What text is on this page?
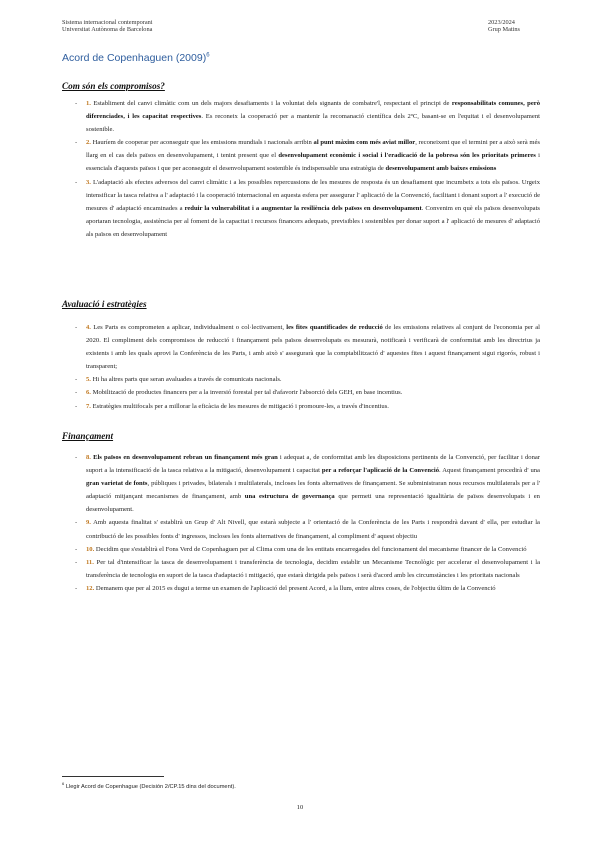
Sistema internacional contemporani
Universitat Autònoma de Barcelona
2023/2024
Grup Matins
Acord de Copenhaguen $(2009)^6$
Com són els compromisos?
- 1. Establiment del canvi climàtic com un dels majors desafiaments i la voluntat dels signants de combatre'l, respectant el principi de responsabilitats comunes, però diferenciades, i les capacitat respectives. Es reconeix la cooperació per a mantenir la recomanació científica dels 2ºC, basant-se en l'equitat i el desenvolupament sostenible.
- 2. Hauríem de cooperar per aconseguir que les emissions mundials i nacionals arribin al punt màxim com més aviat millor, reconeixent que el termini per a això serà més llarg en el cas dels països en desenvolupament, i tenint present que el desenvolupament econòmic i social i l'eradicació de la pobresa són les prioritats primeres i essencials d'aquests països i que per aconseguir el desenvolupament sostenible és indispensable una estratègia de desenvolupament amb baixes emissions
- 3. L'adaptació als efectes adversos del canvi climàtic i a les possibles repercussions de les mesures de resposta és un desafiament que incumbeix a tots els països. Urgeix intensificar la tasca relativa a l' adaptació i la cooperació internacional en aquesta esfera per assegurar l' aplicació de la Convenció, facilitant i donant suport a l' execució de mesures d' adaptació encaminades a reduir la vulnerabilitat i a augmentar la resiliència dels països en desenvolupament. Convenim en què els països desenvolupats aportaran tecnologia, assistència per al foment de la capacitat i recursos financers adequats, previsibles i sostenibles per donar suport a l' aplicació de mesures d' adaptació als països en desenvolupament
Avaluació i estratègies
- 4. Les Parts es comprometen a aplicar, individualment o col·lectivament, les fites quantificades de reducció de les emissions relatives al conjunt de l'economia per al 2020. El compliment dels compromisos de reducció i finançament pels països desenvolupats es mesurarà, notificarà i verificarà de conformitat amb les directrius ja existents i amb les quals aprovi la Conferència de les Parts, i amb això s' assegurarà que la comptabilització d' aquestes fites i aquest finançament sigui rigorós, robust i transparent;
- 5. Hi ha altres parts que seran avaluades a través de comunicats nacionals.
- 6. Mobilització de productes financers per a la inversió forestal per tal d'afavorir l'absorció dels GEH, en base incentius.
- 7. Estratègies multifocals per a millorar la eficàcia de les mesures de mitigació i promoure-les, a través d'incentius.
Finançament
- 8. Els països en desenvolupament rebran un finançament més gran i adequat a, de conformitat amb les disposicions pertinents de la Convenció, per facilitar i donar suport a la intensificació de la tasca relativa a la mitigació, desenvolupament i capacitat per a reforçar l'aplicació de la Convenció. Aquest finançament procedirà d' una gran varietat de fonts, públiques i privades, bilaterals i multilaterals, incloses les fonts alternatives de finançament. Se subministraran nous recursos multilaterals per a l' adaptació mitjançant mecanismes de finançament, amb una estructura de governança que permeti una representació igualitària de països desenvolupats i en desenvolupament.
- 9. Amb aquesta finalitat s' establirà un Grup d' Alt Nivell, que estarà subjecte a l' orientació de la Conferència de les Parts i respondrà davant d' ella, per estudiar la contribució de les possibles fonts d' ingressos, incloses les fonts alternatives de finançament, al compliment d' aquest objectiu
- 10. Decidim que s'establirà el Fons Verd de Copenhaguen per al Clima com una de les entitats encarregades del funcionament del mecanisme financer de la Convenció
- 11. Per tal d'intensificar la tasca de desenvolupament i transferència de tecnologia, decidim establir un Mecanisme Tecnològic per accelerar el desenvolupament i la transferència de tecnologia en suport de la tasca d'adaptació i mitigació, que estarà dirigida pels països i serà d'acord amb les circumstàncies i les prioritats nacionals
- 12. Demanem que per al 2015 es dugui a terme un examen de l'aplicació del present Acord, a la llum, entre altres coses, de l'objectiu últim de la Convenció
$^6$ Llegir Acord de Copenhague (Decisión 2/CP.15 dins del document).
10
